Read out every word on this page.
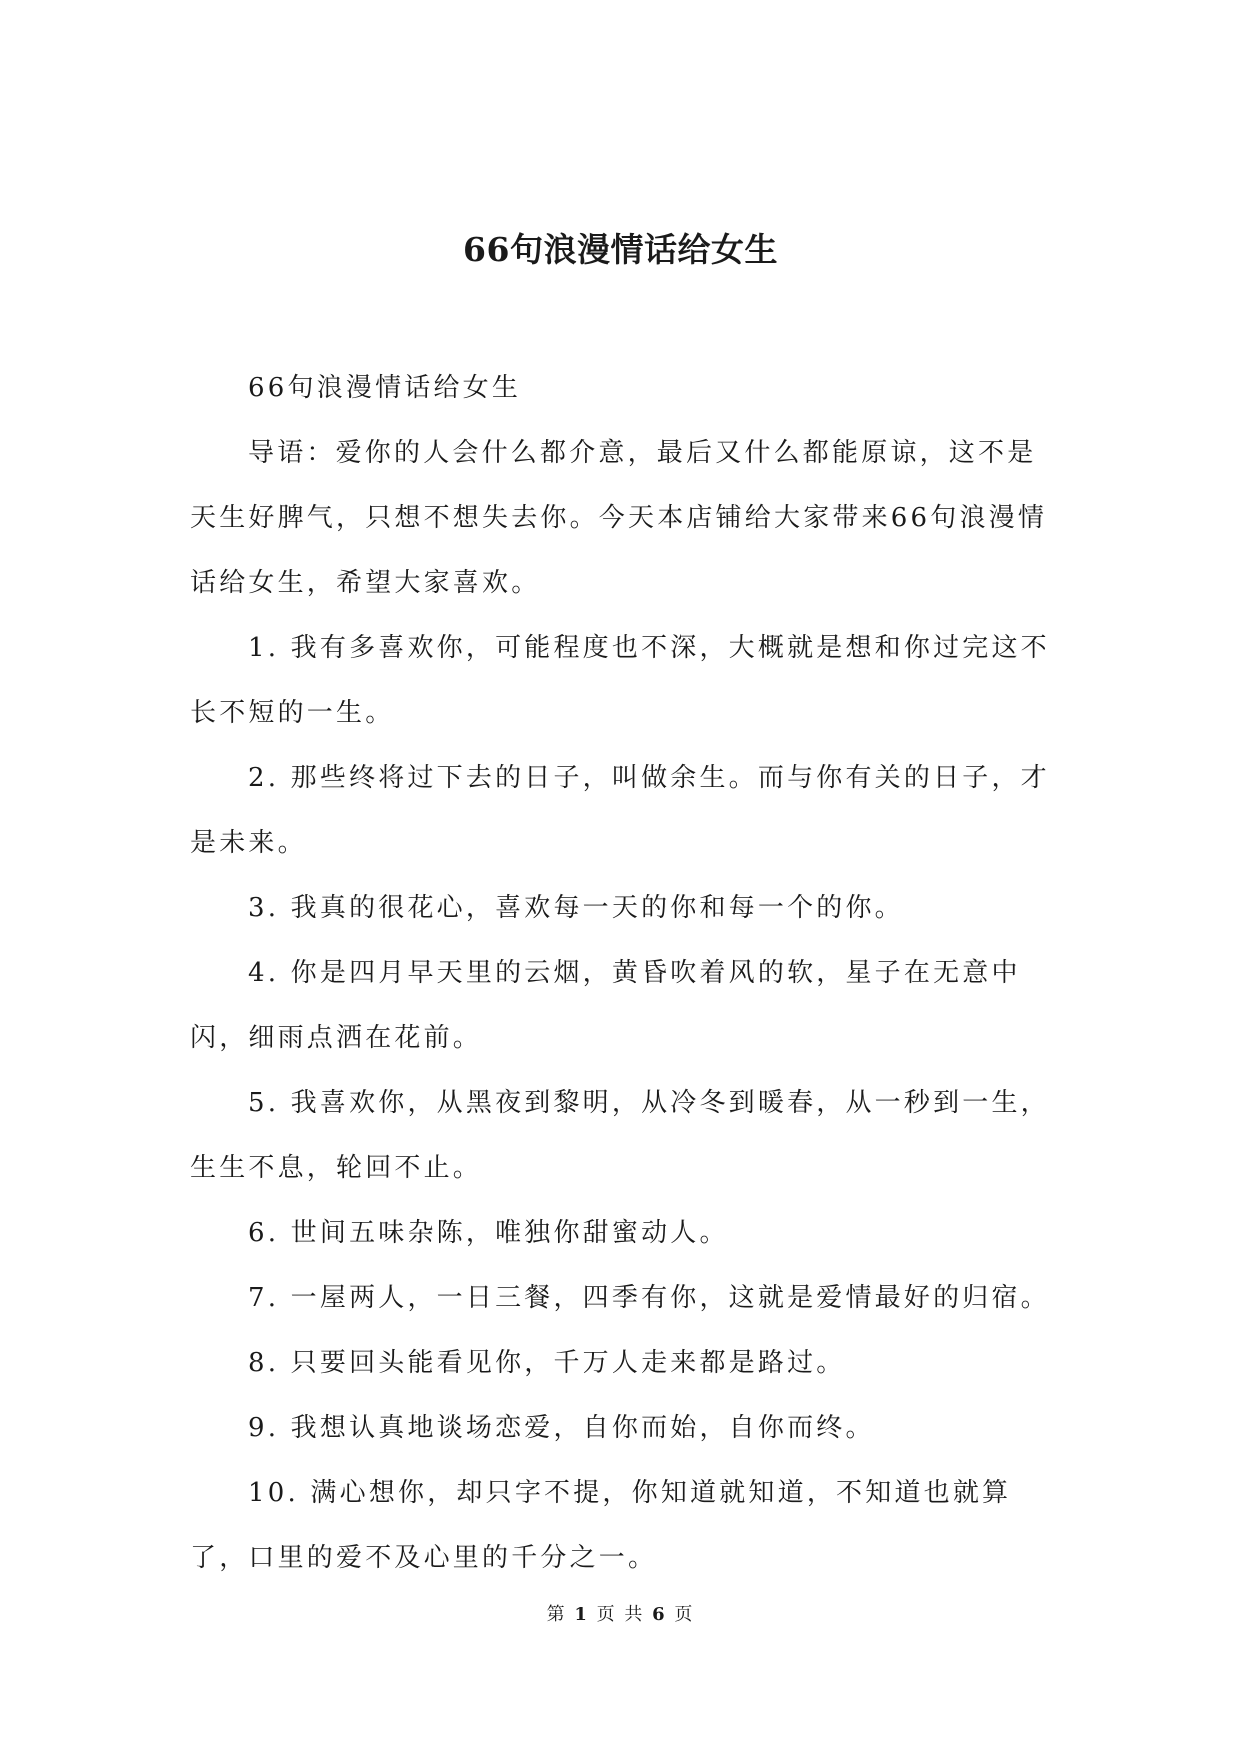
66句浪漫情话给女生

66句浪漫情话给女生

导语：爱你的人会什么都介意，最后又什么都能原谅，这不是天生好脾气，只想不想失去你。今天本店铺给大家带来66句浪漫情话给女生，希望大家喜欢。

1. 我有多喜欢你，可能程度也不深，大概就是想和你过完这不长不短的一生。

2. 那些终将过下去的日子，叫做余生。而与你有关的日子，才是未来。

3. 我真的很花心，喜欢每一天的你和每一个的你。

4. 你是四月早天里的云烟，黄昏吹着风的软，星子在无意中闪，细雨点洒在花前。

5. 我喜欢你，从黑夜到黎明，从冷冬到暖春，从一秒到一生，生生不息，轮回不止。

6. 世间五味杂陈，唯独你甜蜜动人。

7. 一屋两人，一日三餐，四季有你，这就是爱情最好的归宿。

8. 只要回头能看见你，千万人走来都是路过。

9. 我想认真地谈场恋爱，自你而始，自你而终。

10. 满心想你，却只字不提，你知道就知道，不知道也就算了，口里的爱不及心里的千分之一。

第 1 页 共 6 页
